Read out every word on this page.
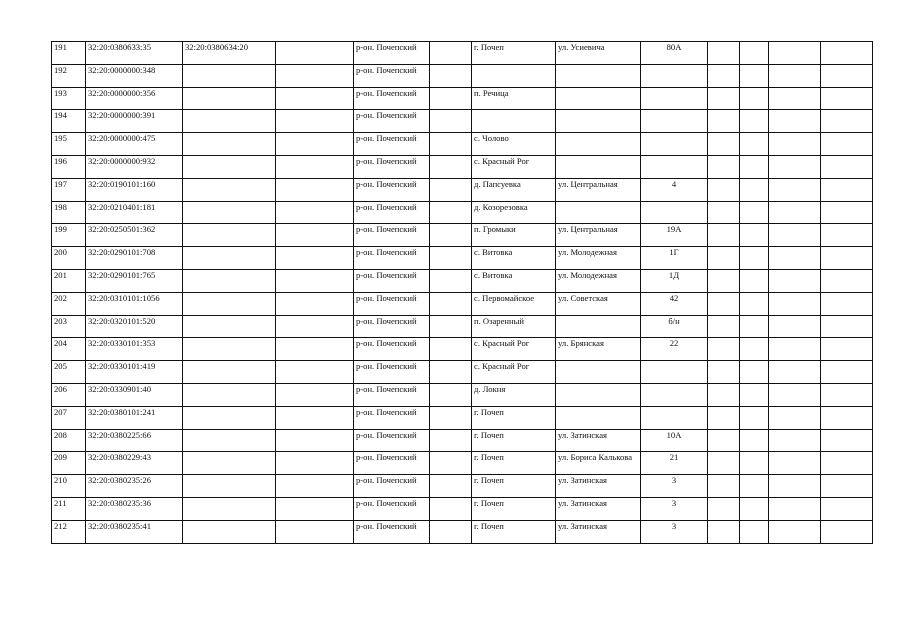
191	32:20:0380633:35	32:20:0380634:20		р-он. Почепский		г. Почеп	ул. Усиевича	80А				
192	32:20:0000000:348			р-он. Почепский								
193	32:20:0000000:356			р-он. Почепский		п. Речица						
194	32:20:0000000:391			р-он. Почепский								
195	32:20:0000000:475			р-он. Почепский		с. Чолово						
196	32:20:0000000:932			р-он. Почепский		с. Красный Рог						
197	32:20:0190101:160			р-он. Почепский		д. Папсуевка	ул. Центральная	4				
198	32:20:0210401:181			р-он. Почепский		д. Козорезовка						
199	32:20:0250501:362			р-он. Почепский		п. Громыки	ул. Центральная	19А				
200	32:20:0290101:708			р-он. Почепский		с. Витовка	ул. Молодежная	1Г				
201	32:20:0290101:765			р-он. Почепский		с. Витовка	ул. Молодежная	1Д				
202	32:20:0310101:1056			р-он. Почепский		с. Первомайское	ул. Советская	42				
203	32:20:0320101:520			р-он. Почепский		п. Озаренный		б/н				
204	32:20:0330101:353			р-он. Почепский		с. Красный Рог	ул. Брянская	22				
205	32:20:0330101:419			р-он. Почепский		с. Красный Рог						
206	32:20:0330901:40			р-он. Почепский		д. Локня						
207	32:20:0380101:241			р-он. Почепский		г. Почеп						
208	32:20:0380225:66			р-он. Почепский		г. Почеп	ул. Затинская	10А				
209	32:20:0380229:43			р-он. Почепский		г. Почеп	ул. Бориса Калькова	21				
210	32:20:0380235:26			р-он. Почепский		г. Почеп	ул. Затинская	3				
211	32:20:0380235:36			р-он. Почепский		г. Почеп	ул. Затинская	3				
212	32:20:0380235:41			р-он. Почепский		г. Почеп	ул. Затинская	3				
